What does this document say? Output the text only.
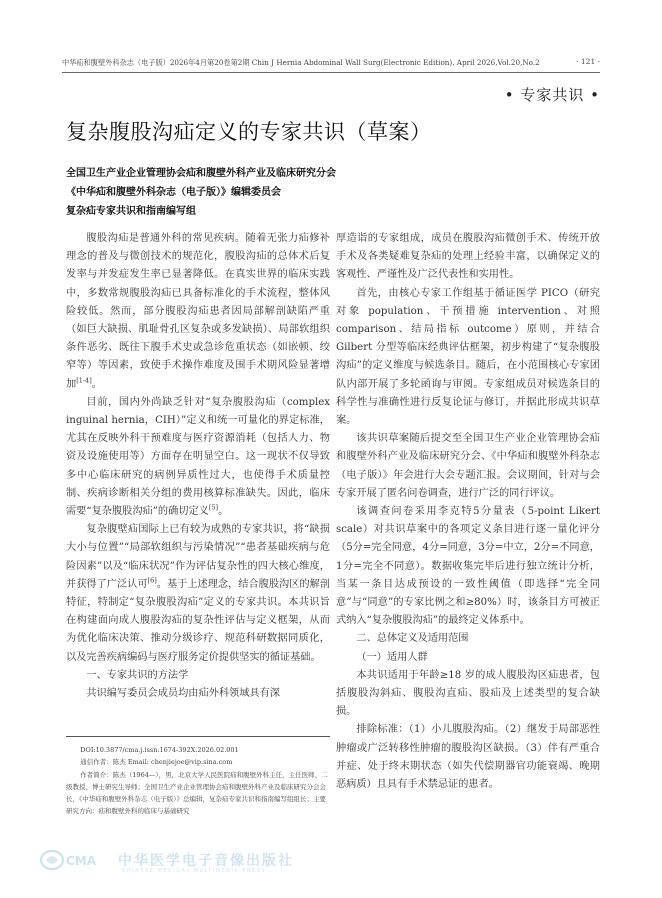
中华疝和腹壁外科杂志（电子版）2026年4月第20卷第2期 Chin J Hernia Abdominal Wall Surg(Electronic Edition), April 2026,Vol.20,No.2	· 121 ·
• 专家共识 •
复杂腹股沟疝定义的专家共识（草案）
全国卫生产业企业管理协会疝和腹壁外科产业及临床研究分会
《中华疝和腹壁外科杂志（电子版）》编辑委员会
复杂疝专家共识和指南编写组

腹股沟疝是普通外科的常见疾病。随着无张力疝修补理念的普及与微创技术的规范化，腹股沟疝的总体术后复发率与并发症发生率已显著降低。在真实世界的临床实践中，多数常规腹股沟疝已具备标准化的手术流程，整体风险较低。然而，部分腹股沟疝患者因局部解剖缺陷严重（如巨大缺损、肌耻骨孔区复杂或多发缺损）、局部软组织条件恶劣、既往下腹手术史或急诊危重状态（如嵌顿、绞窄等）等因素，致使手术操作难度及围手术期风险显著增加[1-4]。

目前，国内外尚缺乏针对“复杂腹股沟疝（complex inguinal hernia，CIH）”定义和统一可量化的界定标准，尤其在反映外科干预难度与医疗资源消耗（包括人力、物资及设施使用等）方面存在明显空白。这一现状不仅导致多中心临床研究的病例异质性过大，也使得手术质量控制、疾病诊断相关分组的费用核算标准缺失。因此，临床需要“复杂腹股沟疝”的确切定义[5]。

复杂腹壁疝国际上已有较为成熟的专家共识，将“缺损大小与位置”“局部软组织与污染情况”“患者基础疾病与危险因素”以及“临床状况”作为评估复杂性的四大核心维度，并获得了广泛认可[6]。基于上述理念，结合腹股沟区的解剖特征，特制定“复杂腹股沟疝”定义的专家共识。本共识旨在构建面向成人腹股沟疝的复杂性评估与定义框架，从而为优化临床决策、推动分级诊疗、规范科研数据同质化，以及完善疾病编码与医疗服务定价提供坚实的循证基础。

一、专家共识的方法学

共识编写委员会成员均由疝外科领域具有深

厚造诣的专家组成，成员在腹股沟疝微创手术、传统开放手术及各类疑难复杂疝的处理上经验丰富，以确保定义的客观性、严谨性及广泛代表性和实用性。

首先，由核心专家工作组基于循证医学 PICO（研究对象 population、干预措施 intervention、对照 comparison、结局指标 outcome）原则，并结合 Gilbert 分型等临床经典评估框架，初步构建了“复杂腹股沟疝”的定义维度与候选条目。随后，在小范围核心专家团队内部开展了多轮函询与审阅。专家组成员对候选条目的科学性与准确性进行反复论证与修订，并据此形成共识草案。

该共识草案随后提交至全国卫生产业企业管理协会疝和腹壁外科产业及临床研究分会、《中华疝和腹壁外科杂志（电子版）》年会进行大会专题汇报。会议期间，针对与会专家开展了匿名问卷调查，进行广泛的同行评议。

该调查问卷采用李克特5分量表（5-point Likert scale）对共识草案中的各项定义条目进行逐一量化评分（5分=完全同意，4分=同意，3分=中立，2分=不同意，1分=完全不同意）。数据收集完毕后进行独立统计分析，当某一条目达成预设的一致性阈值（即选择“完全同意”与“同意”的专家比例之和≥80%）时，该条目方可被正式纳入“复杂腹股沟疝”的最终定义体系中。

二、总体定义及适用范围

（一）适用人群

本共识适用于年龄≥18 岁的成人腹股沟区疝患者，包括腹股沟斜疝、腹股沟直疝、股疝及上述类型的复合缺损。

排除标准：（1）小儿腹股沟疝。（2）继发于局部恶性肿瘤或广泛转移性肿瘤的腹股沟区缺损。（3）伴有严重合并症、处于终末期状态（如失代偿期器官功能衰竭、晚期恶病质）且具有手术禁忌证的患者。

DOI:10.3877/cma.j.issn.1674-392X.2026.02.001
通信作者：陈杰 Email: chenjiejoe@vip.sina.com
作者简介：陈杰（1964—），男，北京大学人民医院疝和腹壁外科主任，主任医师、二级教授、博士研究生导师；全国卫生产业企业管理协会疝和腹壁外科产业及临床研究分会会长，《中华疝和腹壁外科杂志（电子版）》总编辑，复杂疝专家共识和指南编写组组长；主要研究方向：疝和腹壁外科的临床与基础研究
CMA 中华医学电子音像出版社
CHINESE MEDICAL MULTIMEDIA PRESS
